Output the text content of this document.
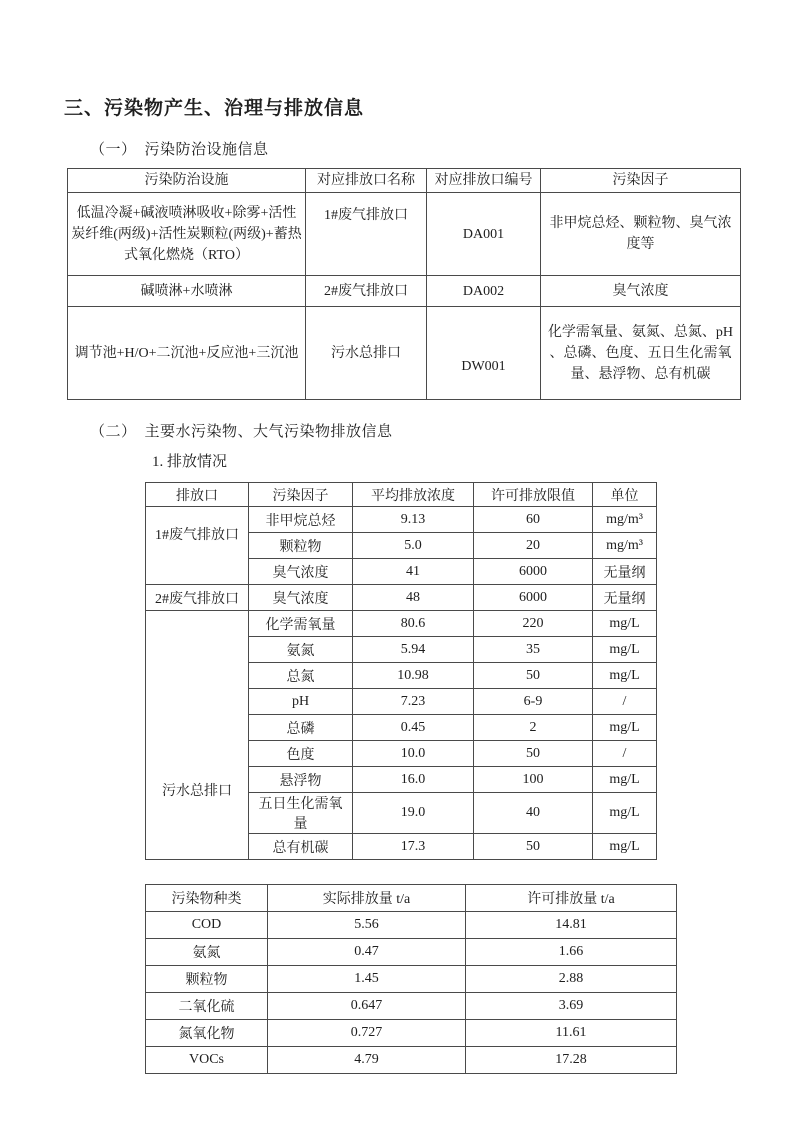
三、污染物产生、治理与排放信息
（一）　污染防治设施信息
污染防治设施	对应排放口名称	对应排放口编号	污染因子
低温冷凝+碱液喷淋吸收+除雾+活性炭纤维(两级)+活性炭颗粒(两级)+蓄热式氧化燃烧（RTO）	1#废气排放口	DA001	非甲烷总烃、颗粒物、臭气浓度等
碱喷淋+水喷淋	2#废气排放口	DA002	臭气浓度
调节池+H/O+二沉池+反应池+三沉池	污水总排口	DW001	化学需氧量、氨氮、总氮、pH 、总磷、色度、五日生化需氧量、悬浮物、总有机碳
（二）　主要水污染物、大气污染物排放信息
1. 排放情况
排放口	污染因子	平均排放浓度	许可排放限值	单位
1#废气排放口	非甲烷总烃	9.13	60	mg/m³
	颗粒物	5.0	20	mg/m³
	臭气浓度	41	6000	无量纲
2#废气排放口	臭气浓度	48	6000	无量纲
污水总排口	化学需氧量	80.6	220	mg/L
	氨氮	5.94	35	mg/L
	总氮	10.98	50	mg/L
	pH	7.23	6-9	/
	总磷	0.45	2	mg/L
	色度	10.0	50	/
	悬浮物	16.0	100	mg/L
	五日生化需氧量	19.0	40	mg/L
	总有机碳	17.3	50	mg/L
污染物种类	实际排放量 t/a	许可排放量 t/a
COD	5.56	14.81
氨氮	0.47	1.66
颗粒物	1.45	2.88
二氧化硫	0.647	3.69
氮氧化物	0.727	11.61
VOCs	4.79	17.28
